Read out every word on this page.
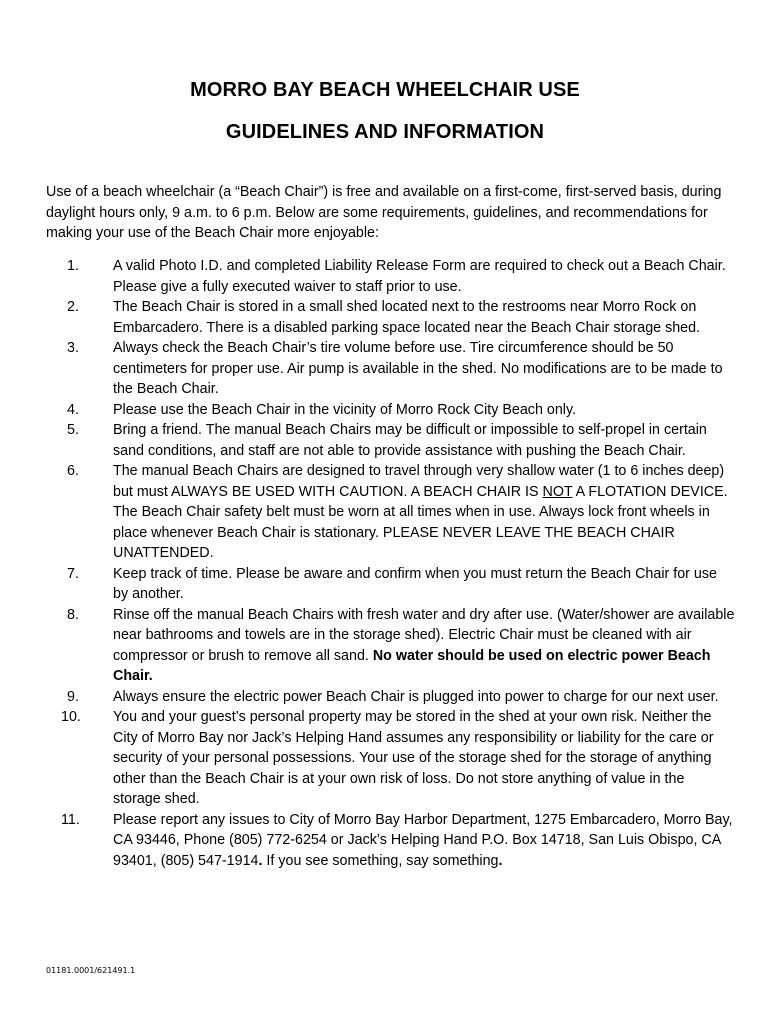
MORRO BAY BEACH WHEELCHAIR USE
GUIDELINES AND INFORMATION

Use of a beach wheelchair (a “Beach Chair”) is free and available on a first-come, first-served basis, during daylight hours only, 9 a.m. to 6 p.m. Below are some requirements, guidelines, and recommendations for making your use of the Beach Chair more enjoyable:

1.	A valid Photo I.D. and completed Liability Release Form are required to check out a Beach Chair. Please give a fully executed waiver to staff prior to use.
2.	The Beach Chair is stored in a small shed located next to the restrooms near Morro Rock on Embarcadero. There is a disabled parking space located near the Beach Chair storage shed.
3.	Always check the Beach Chair’s tire volume before use. Tire circumference should be 50 centimeters for proper use. Air pump is available in the shed. No modifications are to be made to the Beach Chair.
4.	Please use the Beach Chair in the vicinity of Morro Rock City Beach only.
5.	Bring a friend. The manual Beach Chairs may be difficult or impossible to self-propel in certain sand conditions, and staff are not able to provide assistance with pushing the Beach Chair.
6.	The manual Beach Chairs are designed to travel through very shallow water (1 to 6 inches deep) but must ALWAYS BE USED WITH CAUTION. A BEACH CHAIR IS NOT A FLOTATION DEVICE. The Beach Chair safety belt must be worn at all times when in use. Always lock front wheels in place whenever Beach Chair is stationary. PLEASE NEVER LEAVE THE BEACH CHAIR UNATTENDED.
7.	Keep track of time. Please be aware and confirm when you must return the Beach Chair for use by another.
8.	Rinse off the manual Beach Chairs with fresh water and dry after use. (Water/shower are available near bathrooms and towels are in the storage shed). Electric Chair must be cleaned with air compressor or brush to remove all sand. No water should be used on electric power Beach Chair.
9.	Always ensure the electric power Beach Chair is plugged into power to charge for our next user.
10.	You and your guest’s personal property may be stored in the shed at your own risk. Neither the City of Morro Bay nor Jack’s Helping Hand assumes any responsibility or liability for the care or security of your personal possessions. Your use of the storage shed for the storage of anything other than the Beach Chair is at your own risk of loss. Do not store anything of value in the storage shed.
11.	Please report any issues to City of Morro Bay Harbor Department, 1275 Embarcadero, Morro Bay, CA 93446, Phone (805) 772-6254 or Jack’s Helping Hand P.O. Box 14718, San Luis Obispo, CA 93401, (805) 547-1914. If you see something, say something.
01181.0001/621491.1
